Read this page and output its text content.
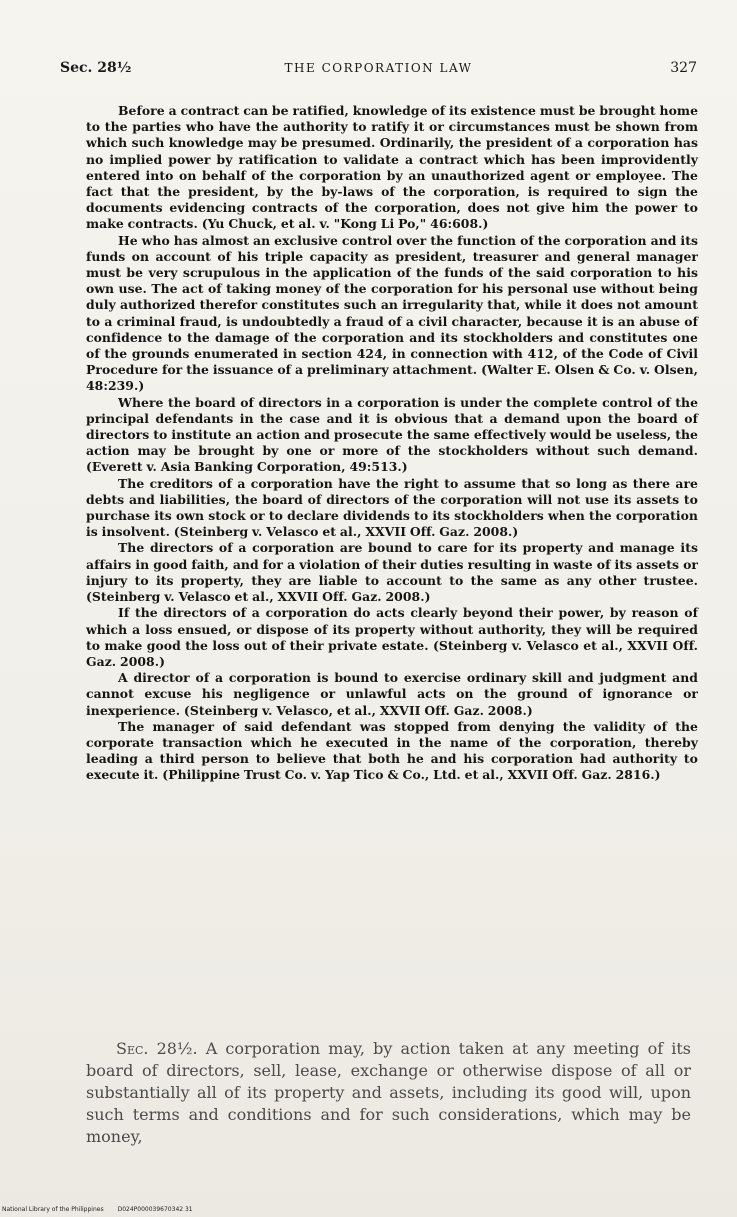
Sec. 28½	THE CORPORATION LAW	327

Before a contract can be ratified, knowledge of its existence must be brought home to the parties who have the authority to ratify it or circumstances must be shown from which such knowledge may be presumed. Ordinarily, the president of a corporation has no implied power by ratification to validate a contract which has been improvidently entered into on behalf of the corporation by an unauthorized agent or employee. The fact that the president, by the by-laws of the corporation, is required to sign the documents evidencing contracts of the corporation, does not give him the power to make contracts. (Yu Chuck, et al. v. "Kong Li Po," 46:608.)

He who has almost an exclusive control over the function of the corporation and its funds on account of his triple capacity as president, treasurer and general manager must be very scrupulous in the application of the funds of the said corporation to his own use. The act of taking money of the corporation for his personal use without being duly authorized therefor constitutes such an irregularity that, while it does not amount to a criminal fraud, is undoubtedly a fraud of a civil character, because it is an abuse of confidence to the damage of the corporation and its stockholders and constitutes one of the grounds enumerated in section 424, in connection with 412, of the Code of Civil Procedure for the issuance of a preliminary attachment. (Walter E. Olsen & Co. v. Olsen, 48:239.)

Where the board of directors in a corporation is under the complete control of the principal defendants in the case and it is obvious that a demand upon the board of directors to institute an action and prosecute the same effectively would be useless, the action may be brought by one or more of the stockholders without such demand. (Everett v. Asia Banking Corporation, 49:513.)

The creditors of a corporation have the right to assume that so long as there are debts and liabilities, the board of directors of the corporation will not use its assets to purchase its own stock or to declare dividends to its stockholders when the corporation is insolvent. (Steinberg v. Velasco et al., XXVII Off. Gaz. 2008.)

The directors of a corporation are bound to care for its property and manage its affairs in good faith, and for a violation of their duties resulting in waste of its assets or injury to its property, they are liable to account to the same as any other trustee. (Steinberg v. Velasco et al., XXVII Off. Gaz. 2008.)

If the directors of a corporation do acts clearly beyond their power, by reason of which a loss ensued, or dispose of its property without authority, they will be required to make good the loss out of their private estate. (Steinberg v. Velasco et al., XXVII Off. Gaz. 2008.)

A director of a corporation is bound to exercise ordinary skill and judgment and cannot excuse his negligence or unlawful acts on the ground of ignorance or inexperience. (Steinberg v. Velasco, et al., XXVII Off. Gaz. 2008.)

The manager of said defendant was stopped from denying the validity of the corporate transaction which he executed in the name of the corporation, thereby leading a third person to believe that both he and his corporation had authority to execute it. (Philippine Trust Co. v. Yap Tico & Co., Ltd. et al., XXVII Off. Gaz. 2816.)

Sec. 28½. A corporation may, by action taken at any meeting of its board of directors, sell, lease, exchange or otherwise dispose of all or substantially all of its property and assets, including its good will, upon such terms and conditions and for such considerations, which may be money,

National Library of the Philippines D024P000039670342 31
